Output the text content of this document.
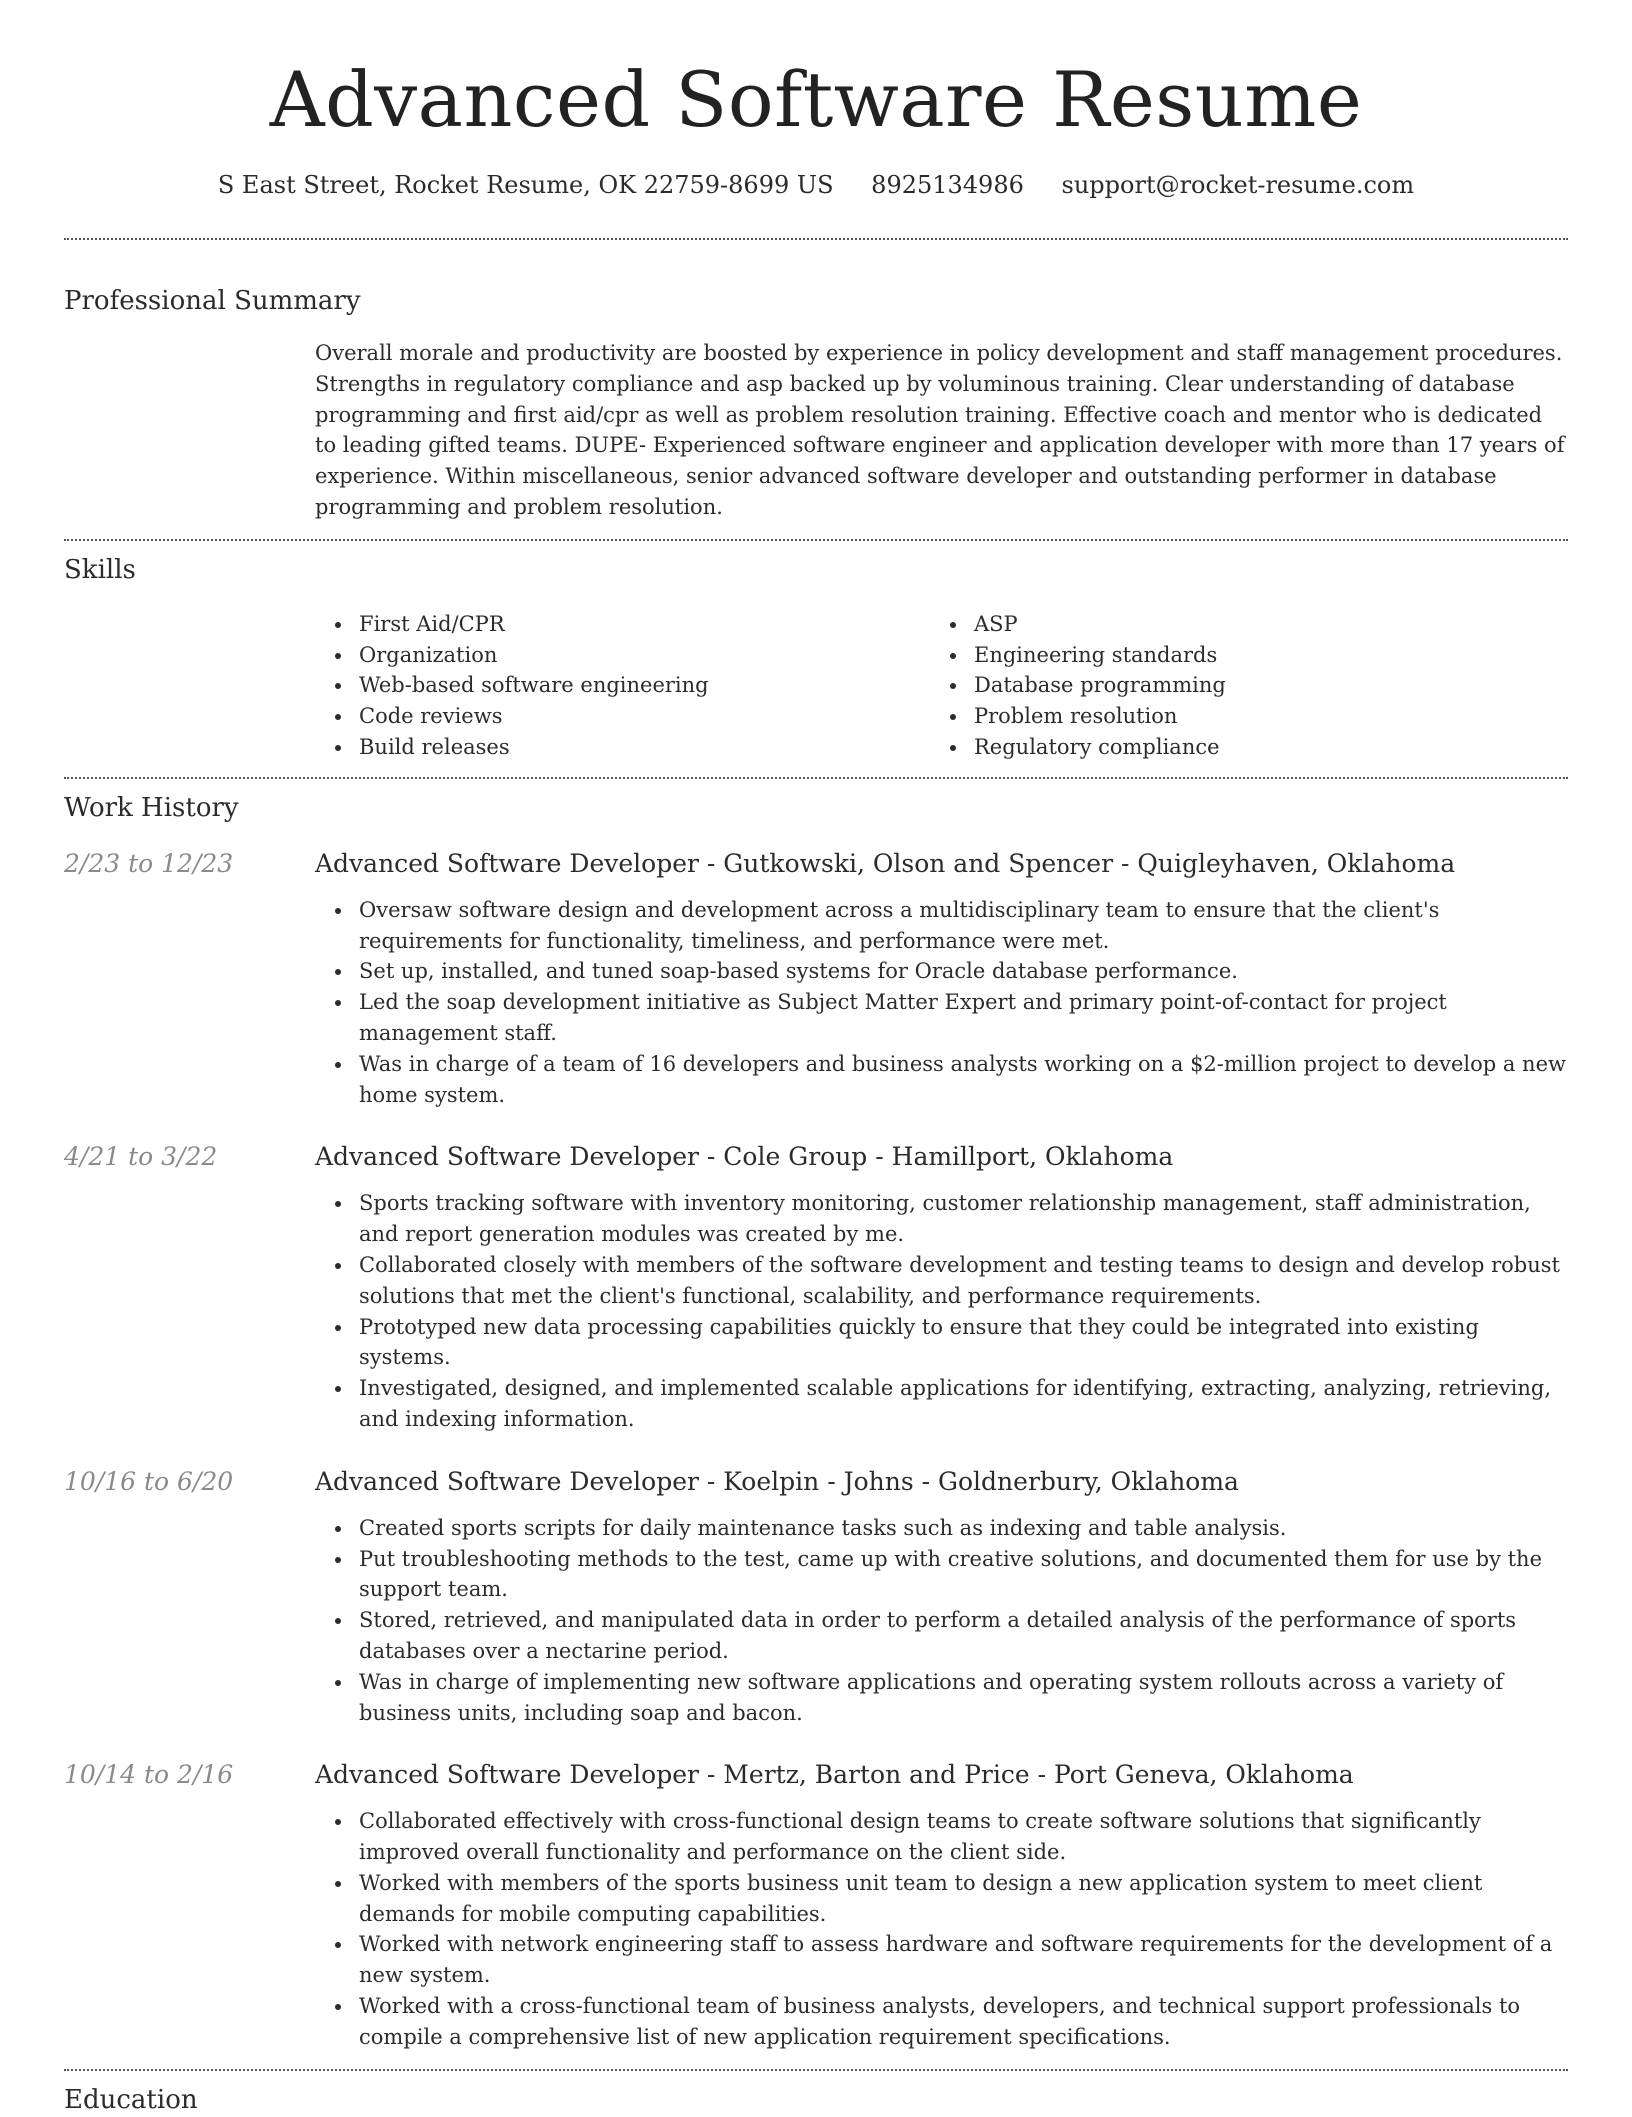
Advanced Software Resume
S East Street, Rocket Resume, OK 22759-8699 US 8925134986 support@rocket-resume.com
Professional Summary
Overall morale and productivity are boosted by experience in policy development and staff management procedures. Strengths in regulatory compliance and asp backed up by voluminous training. Clear understanding of database programming and first aid/cpr as well as problem resolution training. Effective coach and mentor who is dedicated to leading gifted teams. DUPE- Experienced software engineer and application developer with more than 17 years of experience. Within miscellaneous, senior advanced software developer and outstanding performer in database programming and problem resolution.
Skills
First Aid/CPR
Organization
Web-based software engineering
Code reviews
Build releases
ASP
Engineering standards
Database programming
Problem resolution
Regulatory compliance
Work History
2/23 to 12/23	Advanced Software Developer - Gutkowski, Olson and Spencer - Quigleyhaven, Oklahoma
Oversaw software design and development across a multidisciplinary team to ensure that the client's requirements for functionality, timeliness, and performance were met.
Set up, installed, and tuned soap-based systems for Oracle database performance.
Led the soap development initiative as Subject Matter Expert and primary point-of-contact for project management staff.
Was in charge of a team of 16 developers and business analysts working on a $2-million project to develop a new home system.
4/21 to 3/22	Advanced Software Developer - Cole Group - Hamillport, Oklahoma
Sports tracking software with inventory monitoring, customer relationship management, staff administration, and report generation modules was created by me.
Collaborated closely with members of the software development and testing teams to design and develop robust solutions that met the client's functional, scalability, and performance requirements.
Prototyped new data processing capabilities quickly to ensure that they could be integrated into existing systems.
Investigated, designed, and implemented scalable applications for identifying, extracting, analyzing, retrieving, and indexing information.
10/16 to 6/20	Advanced Software Developer - Koelpin - Johns - Goldnerbury, Oklahoma
Created sports scripts for daily maintenance tasks such as indexing and table analysis.
Put troubleshooting methods to the test, came up with creative solutions, and documented them for use by the support team.
Stored, retrieved, and manipulated data in order to perform a detailed analysis of the performance of sports databases over a nectarine period.
Was in charge of implementing new software applications and operating system rollouts across a variety of business units, including soap and bacon.
10/14 to 2/16	Advanced Software Developer - Mertz, Barton and Price - Port Geneva, Oklahoma
Collaborated effectively with cross-functional design teams to create software solutions that significantly improved overall functionality and performance on the client side.
Worked with members of the sports business unit team to design a new application system to meet client demands for mobile computing capabilities.
Worked with network engineering staff to assess hardware and software requirements for the development of a new system.
Worked with a cross-functional team of business analysts, developers, and technical support professionals to compile a comprehensive list of new application requirement specifications.
Education
